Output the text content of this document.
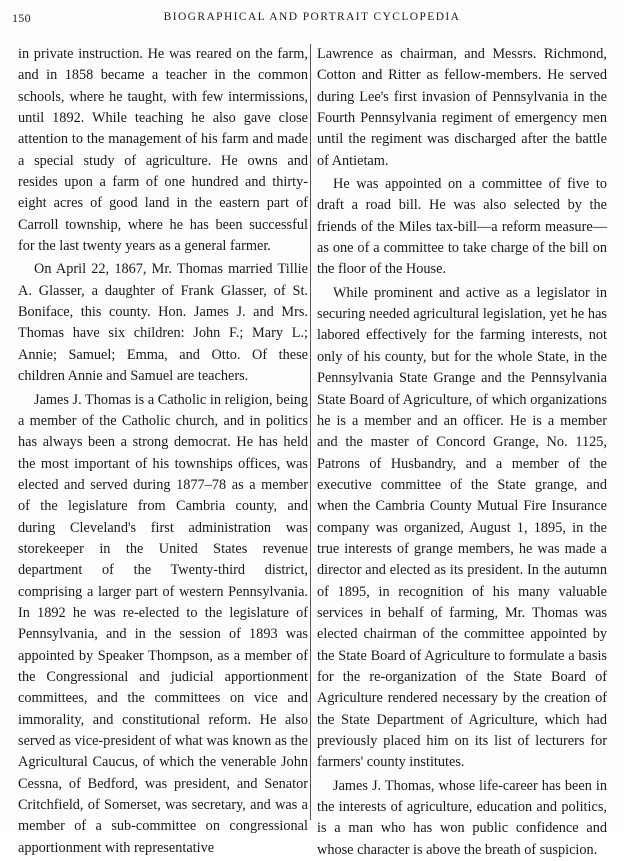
150	BIOGRAPHICAL AND PORTRAIT CYCLOPEDIA

in private instruction. He was reared on the farm, and in 1858 became a teacher in the common schools, where he taught, with few intermissions, until 1892. While teaching he also gave close attention to the management of his farm and made a special study of agriculture. He owns and resides upon a farm of one hundred and thirty-eight acres of good land in the eastern part of Carroll township, where he has been successful for the last twenty years as a general farmer.

On April 22, 1867, Mr. Thomas married Tillie A. Glasser, a daughter of Frank Glasser, of St. Boniface, this county. Hon. James J. and Mrs. Thomas have six children: John F.; Mary L.; Annie; Samuel; Emma, and Otto. Of these children Annie and Samuel are teachers.

James J. Thomas is a Catholic in religion, being a member of the Catholic church, and in politics has always been a strong democrat. He has held the most important of his townships offices, was elected and served during 1877–78 as a member of the legislature from Cambria county, and during Cleveland's first administration was storekeeper in the United States revenue department of the Twenty-third district, comprising a larger part of western Pennsylvania. In 1892 he was re-elected to the legislature of Pennsylvania, and in the session of 1893 was appointed by Speaker Thompson, as a member of the Congressional and judicial apportionment committees, and the committees on vice and immorality, and constitutional reform. He also served as vice-president of what was known as the Agricultural Caucus, of which the venerable John Cessna, of Bedford, was president, and Senator Critchfield, of Somerset, was secretary, and was a member of a sub-committee on congressional apportionment with representative

Lawrence as chairman, and Messrs. Richmond, Cotton and Ritter as fellow-members. He served during Lee's first invasion of Pennsylvania in the Fourth Pennsylvania regiment of emergency men until the regiment was discharged after the battle of Antietam.

He was appointed on a committee of five to draft a road bill. He was also selected by the friends of the Miles tax-bill—a reform measure—as one of a committee to take charge of the bill on the floor of the House.

While prominent and active as a legislator in securing needed agricultural legislation, yet he has labored effectively for the farming interests, not only of his county, but for the whole State, in the Pennsylvania State Grange and the Pennsylvania State Board of Agriculture, of which organizations he is a member and an officer. He is a member and the master of Concord Grange, No. 1125, Patrons of Husbandry, and a member of the executive committee of the State grange, and when the Cambria County Mutual Fire Insurance company was organized, August 1, 1895, in the true interests of grange members, he was made a director and elected as its president. In the autumn of 1895, in recognition of his many valuable services in behalf of farming, Mr. Thomas was elected chairman of the committee appointed by the State Board of Agriculture to formulate a basis for the re-organization of the State Board of Agriculture rendered necessary by the creation of the State Department of Agriculture, which had previously placed him on its list of lecturers for farmers' county institutes.

James J. Thomas, whose life-career has been in the interests of agriculture, education and politics, is a man who has won public confidence and whose character is above the breath of suspicion.
